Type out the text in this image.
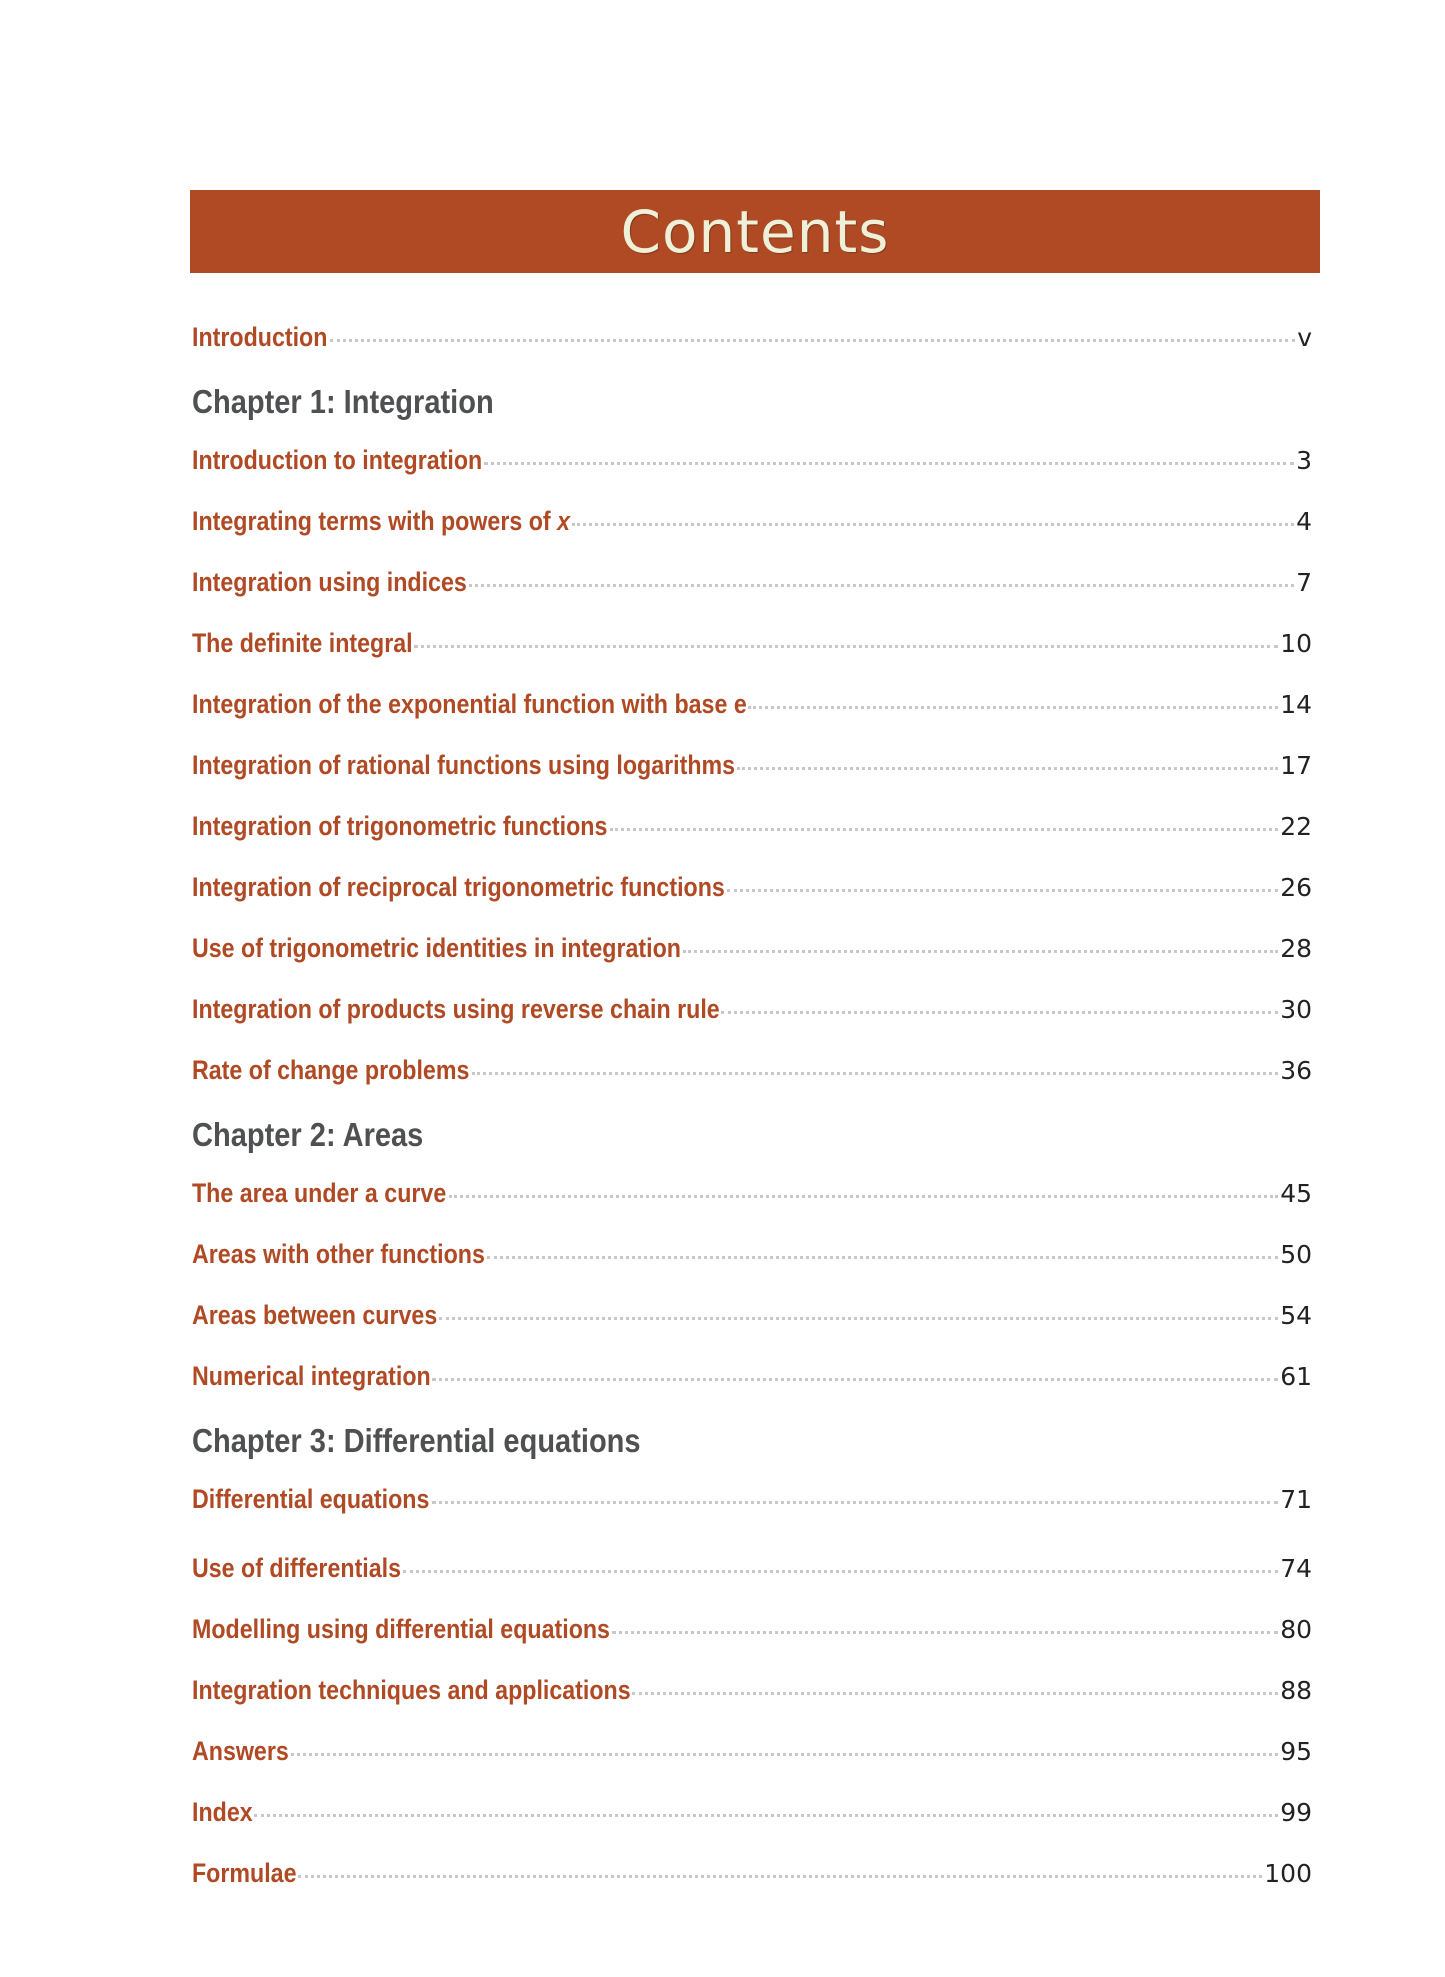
Contents
Introduction	v
Chapter 1: Integration
Introduction to integration	3
Integrating terms with powers of x	4
Integration using indices	7
The definite integral	10
Integration of the exponential function with base e	14
Integration of rational functions using logarithms	17
Integration of trigonometric functions	22
Integration of reciprocal trigonometric functions	26
Use of trigonometric identities in integration	28
Integration of products using reverse chain rule	30
Rate of change problems	36
Chapter 2: Areas
The area under a curve	45
Areas with other functions	50
Areas between curves	54
Numerical integration	61
Chapter 3: Differential equations
Differential equations	71
Use of differentials	74
Modelling using differential equations	80
Integration techniques and applications	88
Answers	95
Index	99
Formulae	100
